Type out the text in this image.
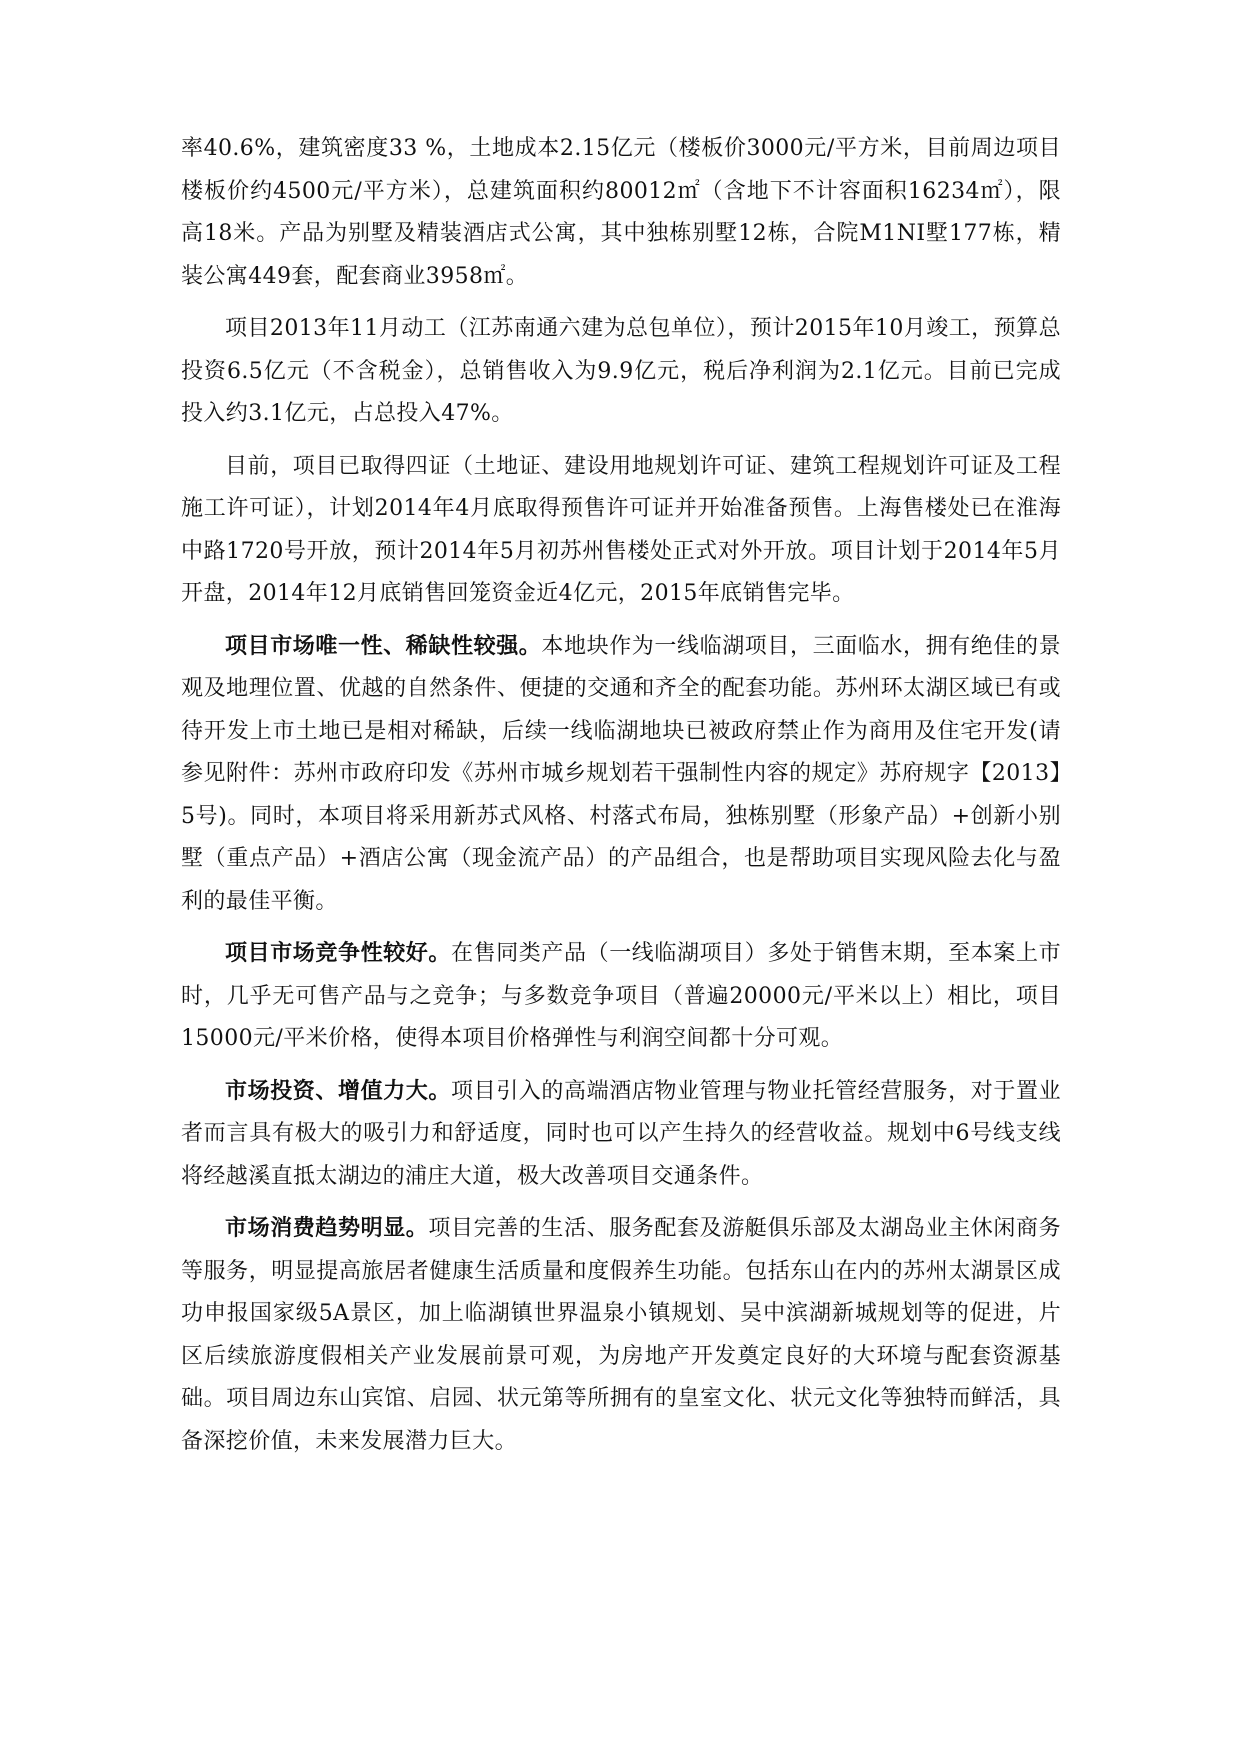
率40.6%，建筑密度33 %，土地成本2.15亿元（楼板价3000元/平方米，目前周边项目楼板价约4500元/平方米），总建筑面积约80012㎡（含地下不计容面积16234㎡），限高18米。产品为别墅及精装酒店式公寓，其中独栋别墅12栋，合院M1NI墅177栋，精装公寓449套，配套商业3958㎡。

项目2013年11月动工（江苏南通六建为总包单位），预计2015年10月竣工，预算总投资6.5亿元（不含税金），总销售收入为9.9亿元，税后净利润为2.1亿元。目前已完成投入约3.1亿元，占总投入47%。

目前，项目已取得四证（土地证、建设用地规划许可证、建筑工程规划许可证及工程施工许可证），计划2014年4月底取得预售许可证并开始准备预售。上海售楼处已在淮海中路1720号开放，预计2014年5月初苏州售楼处正式对外开放。项目计划于2014年5月开盘，2014年12月底销售回笼资金近4亿元，2015年底销售完毕。

项目市场唯一性、稀缺性较强。本地块作为一线临湖项目，三面临水，拥有绝佳的景观及地理位置、优越的自然条件、便捷的交通和齐全的配套功能。苏州环太湖区域已有或待开发上市土地已是相对稀缺，后续一线临湖地块已被政府禁止作为商用及住宅开发(请参见附件：苏州市政府印发《苏州市城乡规划若干强制性内容的规定》苏府规字【2013】5号)。同时，本项目将采用新苏式风格、村落式布局，独栋别墅（形象产品）+创新小别墅（重点产品）+酒店公寓（现金流产品）的产品组合，也是帮助项目实现风险去化与盈利的最佳平衡。

项目市场竞争性较好。在售同类产品（一线临湖项目）多处于销售末期，至本案上市时，几乎无可售产品与之竞争；与多数竞争项目（普遍20000元/平米以上）相比，项目15000元/平米价格，使得本项目价格弹性与利润空间都十分可观。

市场投资、增值力大。项目引入的高端酒店物业管理与物业托管经营服务，对于置业者而言具有极大的吸引力和舒适度，同时也可以产生持久的经营收益。规划中6号线支线将经越溪直抵太湖边的浦庄大道，极大改善项目交通条件。

市场消费趋势明显。项目完善的生活、服务配套及游艇俱乐部及太湖岛业主休闲商务等服务，明显提高旅居者健康生活质量和度假养生功能。包括东山在内的苏州太湖景区成功申报国家级5A景区，加上临湖镇世界温泉小镇规划、吴中滨湖新城规划等的促进，片区后续旅游度假相关产业发展前景可观，为房地产开发奠定良好的大环境与配套资源基础。项目周边东山宾馆、启园、状元第等所拥有的皇室文化、状元文化等独特而鲜活，具备深挖价值，未来发展潜力巨大。
